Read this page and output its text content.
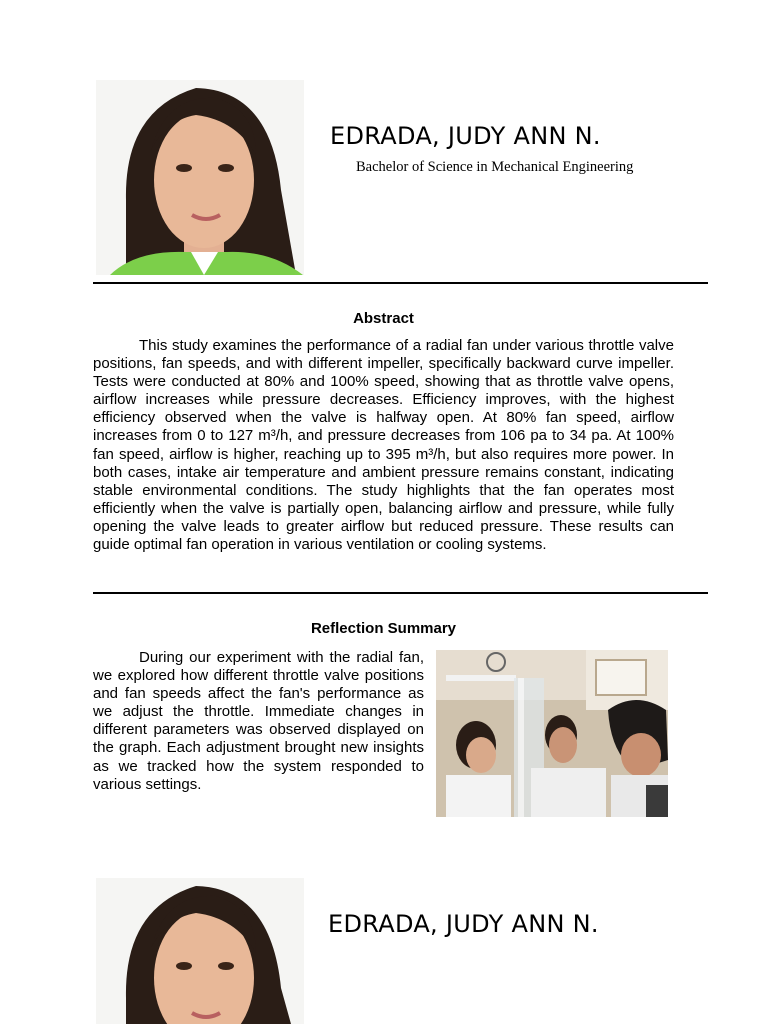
EDRADA, JUDY ANN N.
Bachelor of Science in Mechanical Engineering
Abstract

This study examines the performance of a radial fan under various throttle valve positions, fan speeds, and with different impeller, specifically backward curve impeller. Tests were conducted at 80% and 100% speed, showing that as throttle valve opens, airflow increases while pressure decreases. Efficiency improves, with the highest efficiency observed when the valve is halfway open. At 80% fan speed, airflow increases from 0 to 127 m³/h, and pressure decreases from 106 pa to 34 pa. At 100% fan speed, airflow is higher, reaching up to 395 m³/h, but also requires more power. In both cases, intake air temperature and ambient pressure remains constant, indicating stable environmental conditions. The study highlights that the fan operates most efficiently when the valve is partially open, balancing airflow and pressure, while fully opening the valve leads to greater airflow but reduced pressure. These results can guide optimal fan operation in various ventilation or cooling systems.

Reflection Summary

During our experiment with the radial fan, we explored how different throttle valve positions and fan speeds affect the fan's performance as we adjust the throttle. Immediate changes in different parameters was observed displayed on the graph. Each adjustment brought new insights as we tracked how the system responded to various settings.

EDRADA, JUDY ANN N.
